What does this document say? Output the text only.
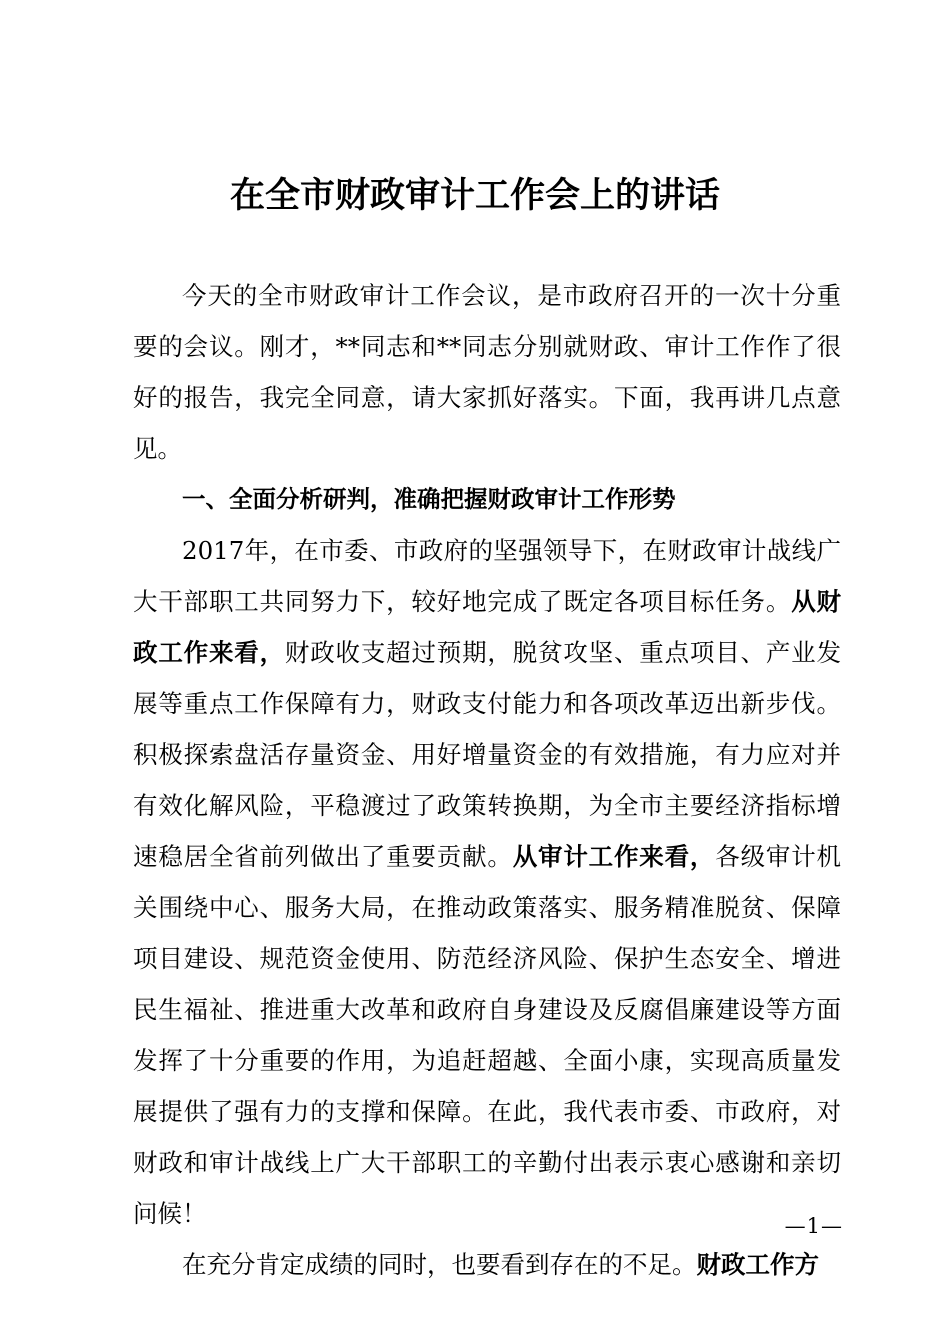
在全市财政审计工作会上的讲话

今天的全市财政审计工作会议，是市政府召开的一次十分重要的会议。刚才，**同志和**同志分别就财政、审计工作作了很好的报告，我完全同意，请大家抓好落实。下面，我再讲几点意见。

一、全面分析研判，准确把握财政审计工作形势

2017年，在市委、市政府的坚强领导下，在财政审计战线广大干部职工共同努力下，较好地完成了既定各项目标任务。从财政工作来看，财政收支超过预期，脱贫攻坚、重点项目、产业发展等重点工作保障有力，财政支付能力和各项改革迈出新步伐。积极探索盘活存量资金、用好增量资金的有效措施，有力应对并有效化解风险，平稳渡过了政策转换期，为全市主要经济指标增速稳居全省前列做出了重要贡献。从审计工作来看，各级审计机关围绕中心、服务大局，在推动政策落实、服务精准脱贫、保障项目建设、规范资金使用、防范经济风险、保护生态安全、增进民生福祉、推进重大改革和政府自身建设及反腐倡廉建设等方面发挥了十分重要的作用，为追赶超越、全面小康，实现高质量发展提供了强有力的支撑和保障。在此，我代表市委、市政府，对财政和审计战线上广大干部职工的辛勤付出表示衷心感谢和亲切问候！

在充分肯定成绩的同时，也要看到存在的不足。财政工作方

—1—
